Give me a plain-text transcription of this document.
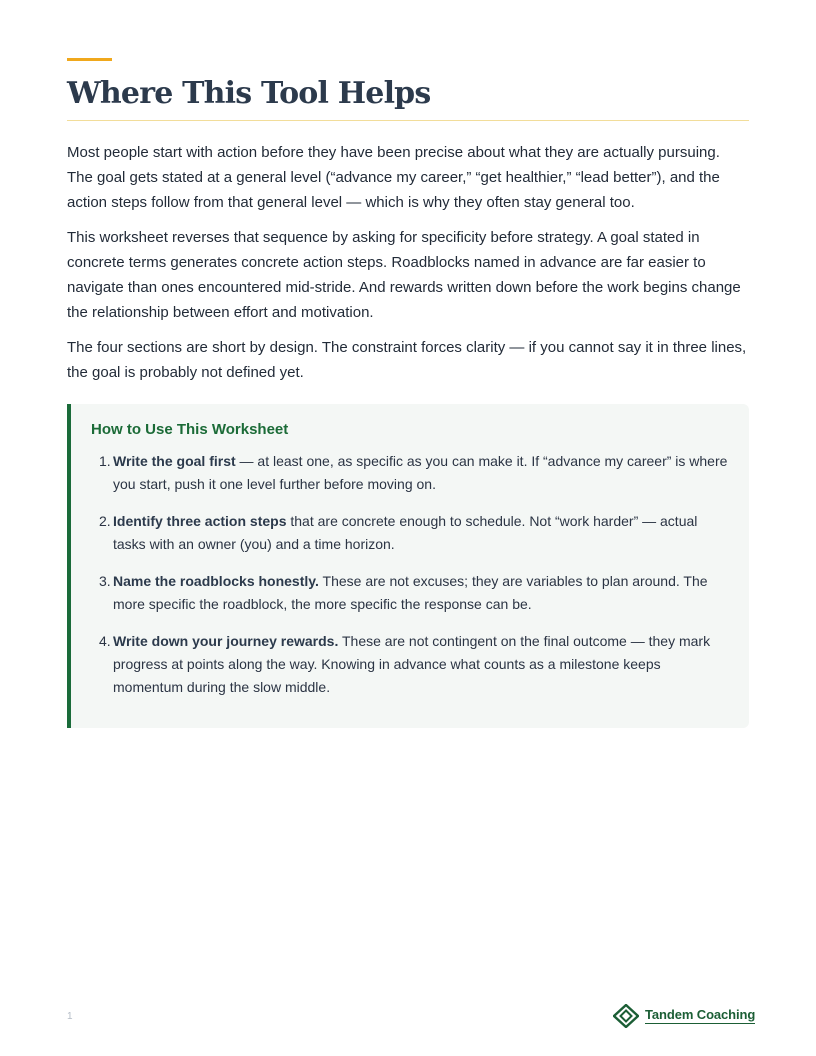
Where This Tool Helps

Most people start with action before they have been precise about what they are actually pursuing. The goal gets stated at a general level (“advance my career,” “get healthier,” “lead better”), and the action steps follow from that general level — which is why they often stay general too.

This worksheet reverses that sequence by asking for specificity before strategy. A goal stated in concrete terms generates concrete action steps. Roadblocks named in advance are far easier to navigate than ones encountered mid-stride. And rewards written down before the work begins change the relationship between effort and motivation.

The four sections are short by design. The constraint forces clarity — if you cannot say it in three lines, the goal is probably not defined yet.

How to Use This Worksheet
1. Write the goal first — at least one, as specific as you can make it. If “advance my career” is where you start, push it one level further before moving on.
2. Identify three action steps that are concrete enough to schedule. Not “work harder” — actual tasks with an owner (you) and a time horizon.
3. Name the roadblocks honestly. These are not excuses; they are variables to plan around. The more specific the roadblock, the more specific the response can be.
4. Write down your journey rewards. These are not contingent on the final outcome — they mark progress at points along the way. Knowing in advance what counts as a milestone keeps momentum during the slow middle.
1	Tandem Coaching
